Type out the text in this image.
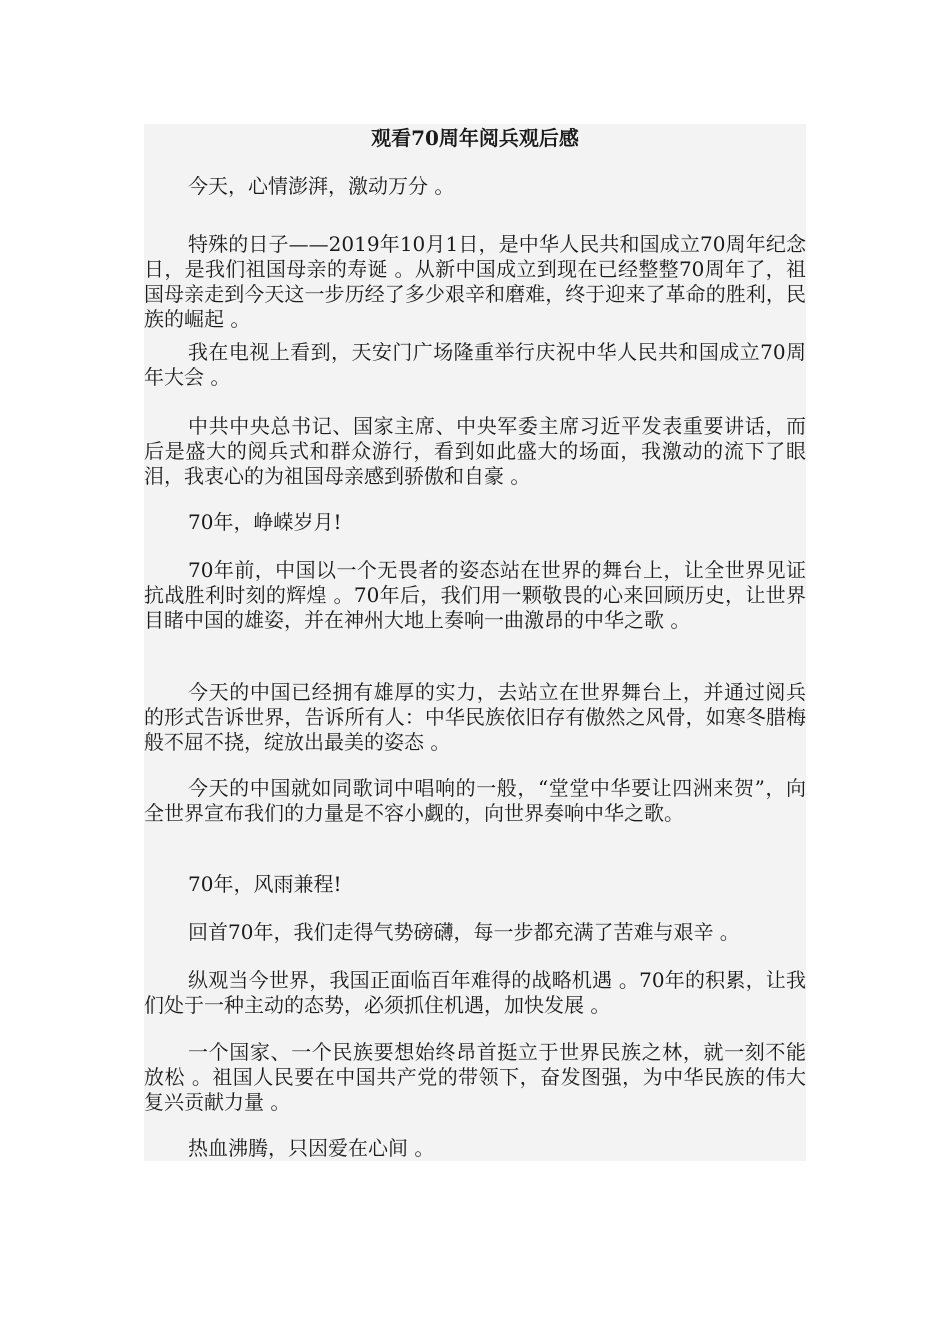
观看70周年阅兵观后感

今天，心情澎湃，激动万分 。

特殊的日子——2019年10月1日，是中华人民共和国成立70周年纪念日，是我们祖国母亲的寿诞 。从新中国成立到现在已经整整70周年了，祖国母亲走到今天这一步历经了多少艰辛和磨难，终于迎来了革命的胜利，民族的崛起 。

我在电视上看到，天安门广场隆重举行庆祝中华人民共和国成立70周年大会 。

中共中央总书记、国家主席、中央军委主席习近平发表重要讲话，而后是盛大的阅兵式和群众游行，看到如此盛大的场面，我激动的流下了眼泪，我衷心的为祖国母亲感到骄傲和自豪 。

70年，峥嵘岁月!

70年前，中国以一个无畏者的姿态站在世界的舞台上，让全世界见证抗战胜利时刻的辉煌 。70年后，我们用一颗敬畏的心来回顾历史，让世界目睹中国的雄姿，并在神州大地上奏响一曲激昂的中华之歌 。

今天的中国已经拥有雄厚的实力，去站立在世界舞台上，并通过阅兵的形式告诉世界，告诉所有人：中华民族依旧存有傲然之风骨，如寒冬腊梅般不屈不挠，绽放出最美的姿态 。

今天的中国就如同歌词中唱响的一般，“堂堂中华要让四洲来贺”，向全世界宣布我们的力量是不容小觑的，向世界奏响中华之歌。

70年，风雨兼程!

回首70年，我们走得气势磅礴，每一步都充满了苦难与艰辛 。

纵观当今世界，我国正面临百年难得的战略机遇 。70年的积累，让我们处于一种主动的态势，必须抓住机遇，加快发展 。

一个国家、一个民族要想始终昂首挺立于世界民族之林，就一刻不能放松 。祖国人民要在中国共产党的带领下，奋发图强，为中华民族的伟大复兴贡献力量 。

热血沸腾，只因爱在心间 。
